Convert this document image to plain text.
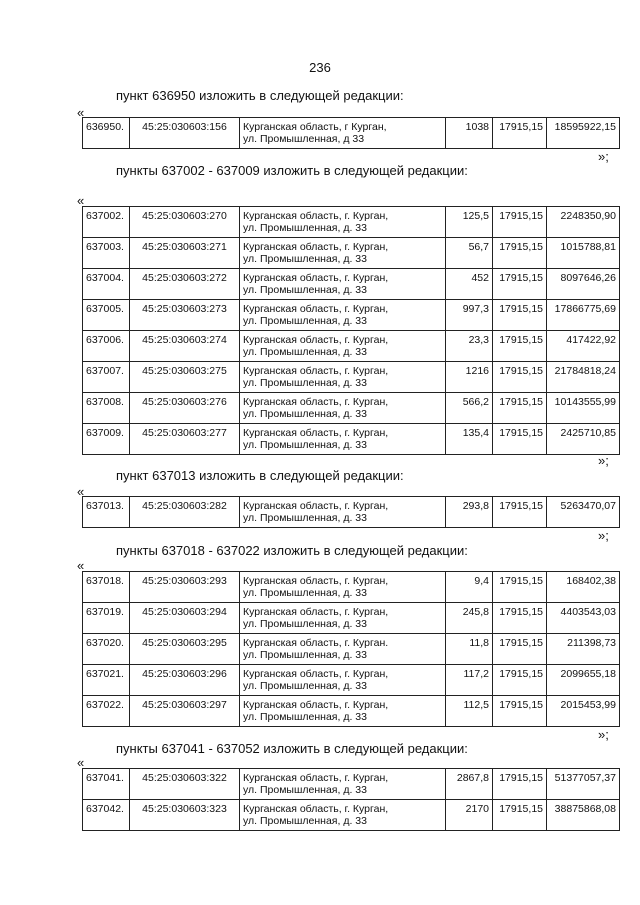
236
пункт 636950 изложить в следующей редакции:
«
636950.	45:25:030603:156	Курганская область, г Курган,
ул. Промышленная, д 33
	1038	17915,15	18595922,15
»;
пункты 637002 - 637009 изложить в следующей редакции:
«
637002.	45:25:030603:270	Курганская область, г. Курган,
ул. Промышленная, д. 33	125,5	17915,15	2248350,90
637003.	45:25:030603:271	Курганская область, г. Курган,
ул. Промышленная, д. 33	56,7	17915,15	1015788,81
637004.	45:25:030603:272	Курганская область, г. Курган,
ул. Промышленная, д. 33	452	17915,15	8097646,26
637005.	45:25:030603:273	Курганская область, г. Курган,
ул. Промышленная, д. 33	997,3	17915,15	17866775,69
637006.	45:25:030603:274	Курганская область, г. Курган,
ул. Промышленная, д. 33	23,3	17915,15	417422,92
637007.	45:25:030603:275	Курганская область, г. Курган,
ул. Промышленная, д. 33	1216	17915,15	21784818,24
637008.	45:25:030603:276	Курганская область, г. Курган,
ул. Промышленная, д. 33	566,2	17915,15	10143555,99
637009.	45:25:030603:277	Курганская область, г. Курган,
ул. Промышленная, д. 33	135,4	17915,15	2425710,85
»;
пункт 637013 изложить в следующей редакции:
«
637013.	45:25:030603:282	Курганская область, г. Курган,
ул. Промышленная, д. 33
	293,8	17915,15	5263470,07
»;
пункты 637018 - 637022 изложить в следующей редакции:
«
637018.	45:25:030603:293	Курганская область, г. Курган,
ул. Промышленная, д. 33	9,4	17915,15	168402,38
637019.	45:25:030603:294	Курганская область, г. Курган,
ул. Промышленная, д. 33	245,8	17915,15	4403543,03
637020.	45:25:030603:295	Курганская область, г. Курган.
ул. Промышленная, д. 33	11,8	17915,15	211398,73
637021.	45:25:030603:296	Курганская область, г. Курган,
ул. Промышленная, д. 33	117,2	17915,15	2099655,18
637022.	45:25:030603:297	Курганская область, г. Курган,
ул. Промышленная, д. 33	112,5	17915,15	2015453,99
»;
пункты 637041 - 637052 изложить в следующей редакции:
«
637041.	45:25:030603:322	Курганская область, г. Курган,
ул. Промышленная, д. 33	2867,8	17915,15	51377057,37
637042.	45:25:030603:323	Курганская область, г. Курган,
ул. Промышленная, д. 33	2170	17915,15	38875868,08
